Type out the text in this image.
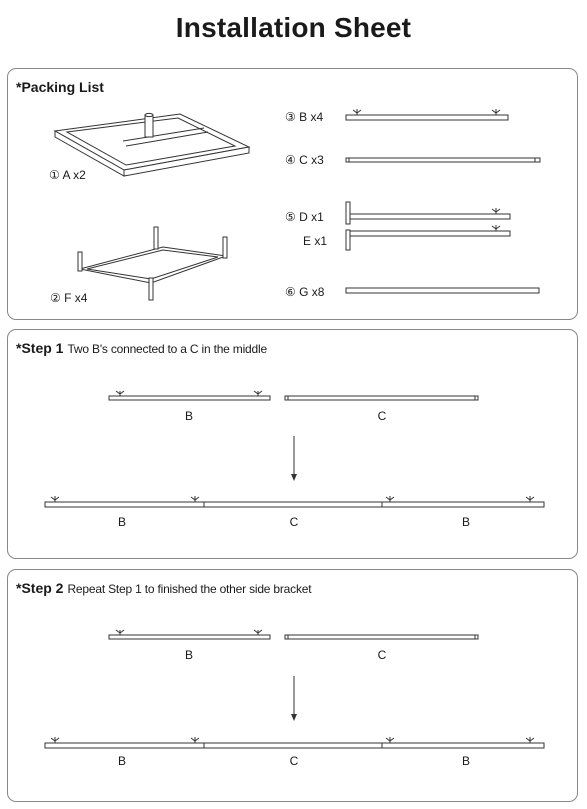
Installation Sheet
*Packing List
① A x2
② F x4
③ B x4
④ C x3
⑤ D x1
E x1
⑥ G x8
*Step 1 Two B's connected to a C in the middle
B	C
B	C	B
*Step 2 Repeat Step 1 to finished the other side bracket
B	C
B	C	B
